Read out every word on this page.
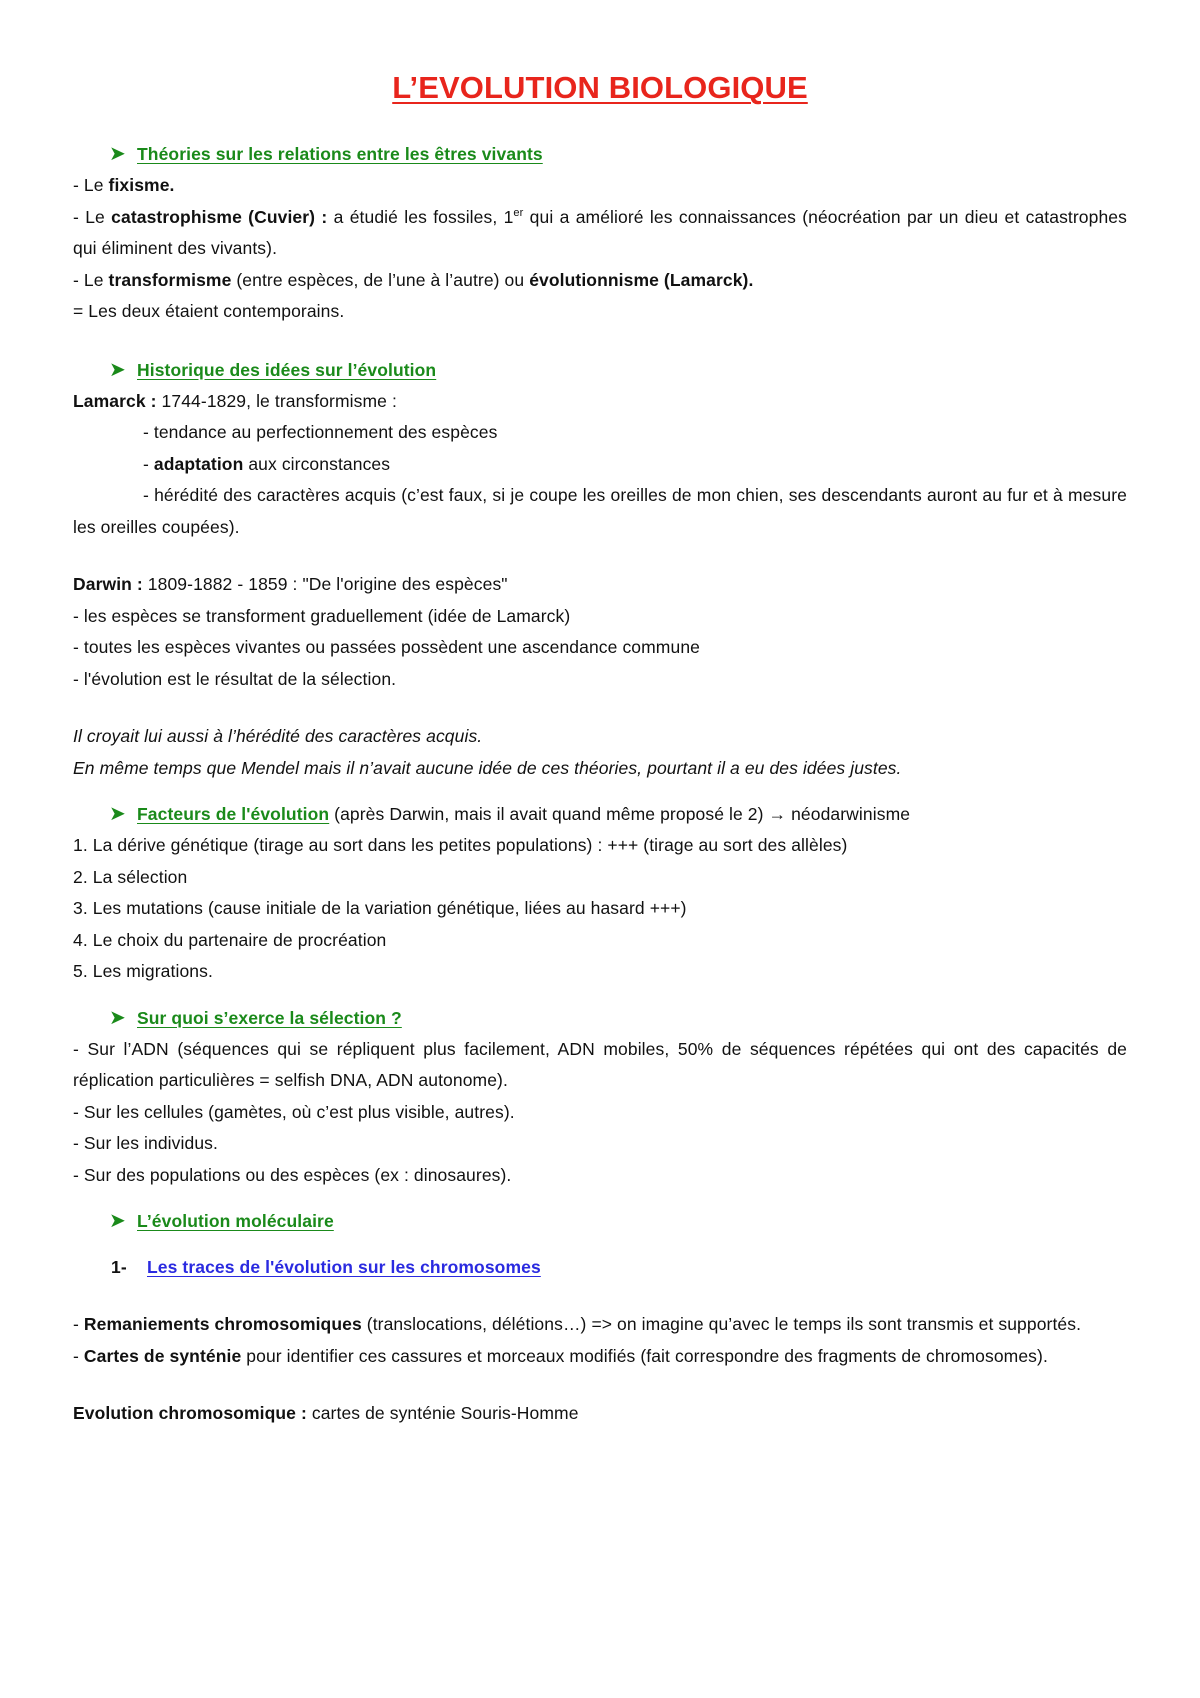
L’EVOLUTION BIOLOGIQUE
➤ Théories sur les relations entre les êtres vivants
- Le fixisme.
- Le catastrophisme (Cuvier) : a étudié les fossiles, 1er qui a amélioré les connaissances (néocréation par un dieu et catastrophes qui éliminent des vivants).
- Le transformisme (entre espèces, de l’une à l’autre) ou évolutionnisme (Lamarck).
= Les deux étaient contemporains.
➤ Historique des idées sur l’évolution
Lamarck : 1744-1829, le transformisme :
- tendance au perfectionnement des espèces
- adaptation aux circonstances
- hérédité des caractères acquis (c’est faux, si je coupe les oreilles de mon chien, ses descendants auront au fur et à mesure les oreilles coupées).
Darwin : 1809-1882 - 1859 : "De l'origine des espèces"
- les espèces se transforment graduellement (idée de Lamarck)
- toutes les espèces vivantes ou passées possèdent une ascendance commune
- l'évolution est le résultat de la sélection.
Il croyait lui aussi à l’hérédité des caractères acquis.
En même temps que Mendel mais il n’avait aucune idée de ces théories, pourtant il a eu des idées justes.
➤ Facteurs de l'évolution (après Darwin, mais il avait quand même proposé le 2) → néodarwinisme
1. La dérive génétique (tirage au sort dans les petites populations) : +++ (tirage au sort des allèles)
2. La sélection
3. Les mutations (cause initiale de la variation génétique, liées au hasard +++)
4. Le choix du partenaire de procréation
5. Les migrations.
➤ Sur quoi s’exerce la sélection ?
- Sur l’ADN (séquences qui se répliquent plus facilement, ADN mobiles, 50% de séquences répétées qui ont des capacités de réplication particulières = selfish DNA, ADN autonome).
- Sur les cellules (gamètes, où c’est plus visible, autres).
- Sur les individus.
- Sur des populations ou des espèces (ex : dinosaures).
➤ L’évolution moléculaire
1-	Les traces de l'évolution sur les chromosomes
- Remaniements chromosomiques (translocations, délétions…) => on imagine qu’avec le temps ils sont transmis et supportés.
- Cartes de synténie pour identifier ces cassures et morceaux modifiés (fait correspondre des fragments de chromosomes).
Evolution chromosomique : cartes de synténie Souris-Homme
